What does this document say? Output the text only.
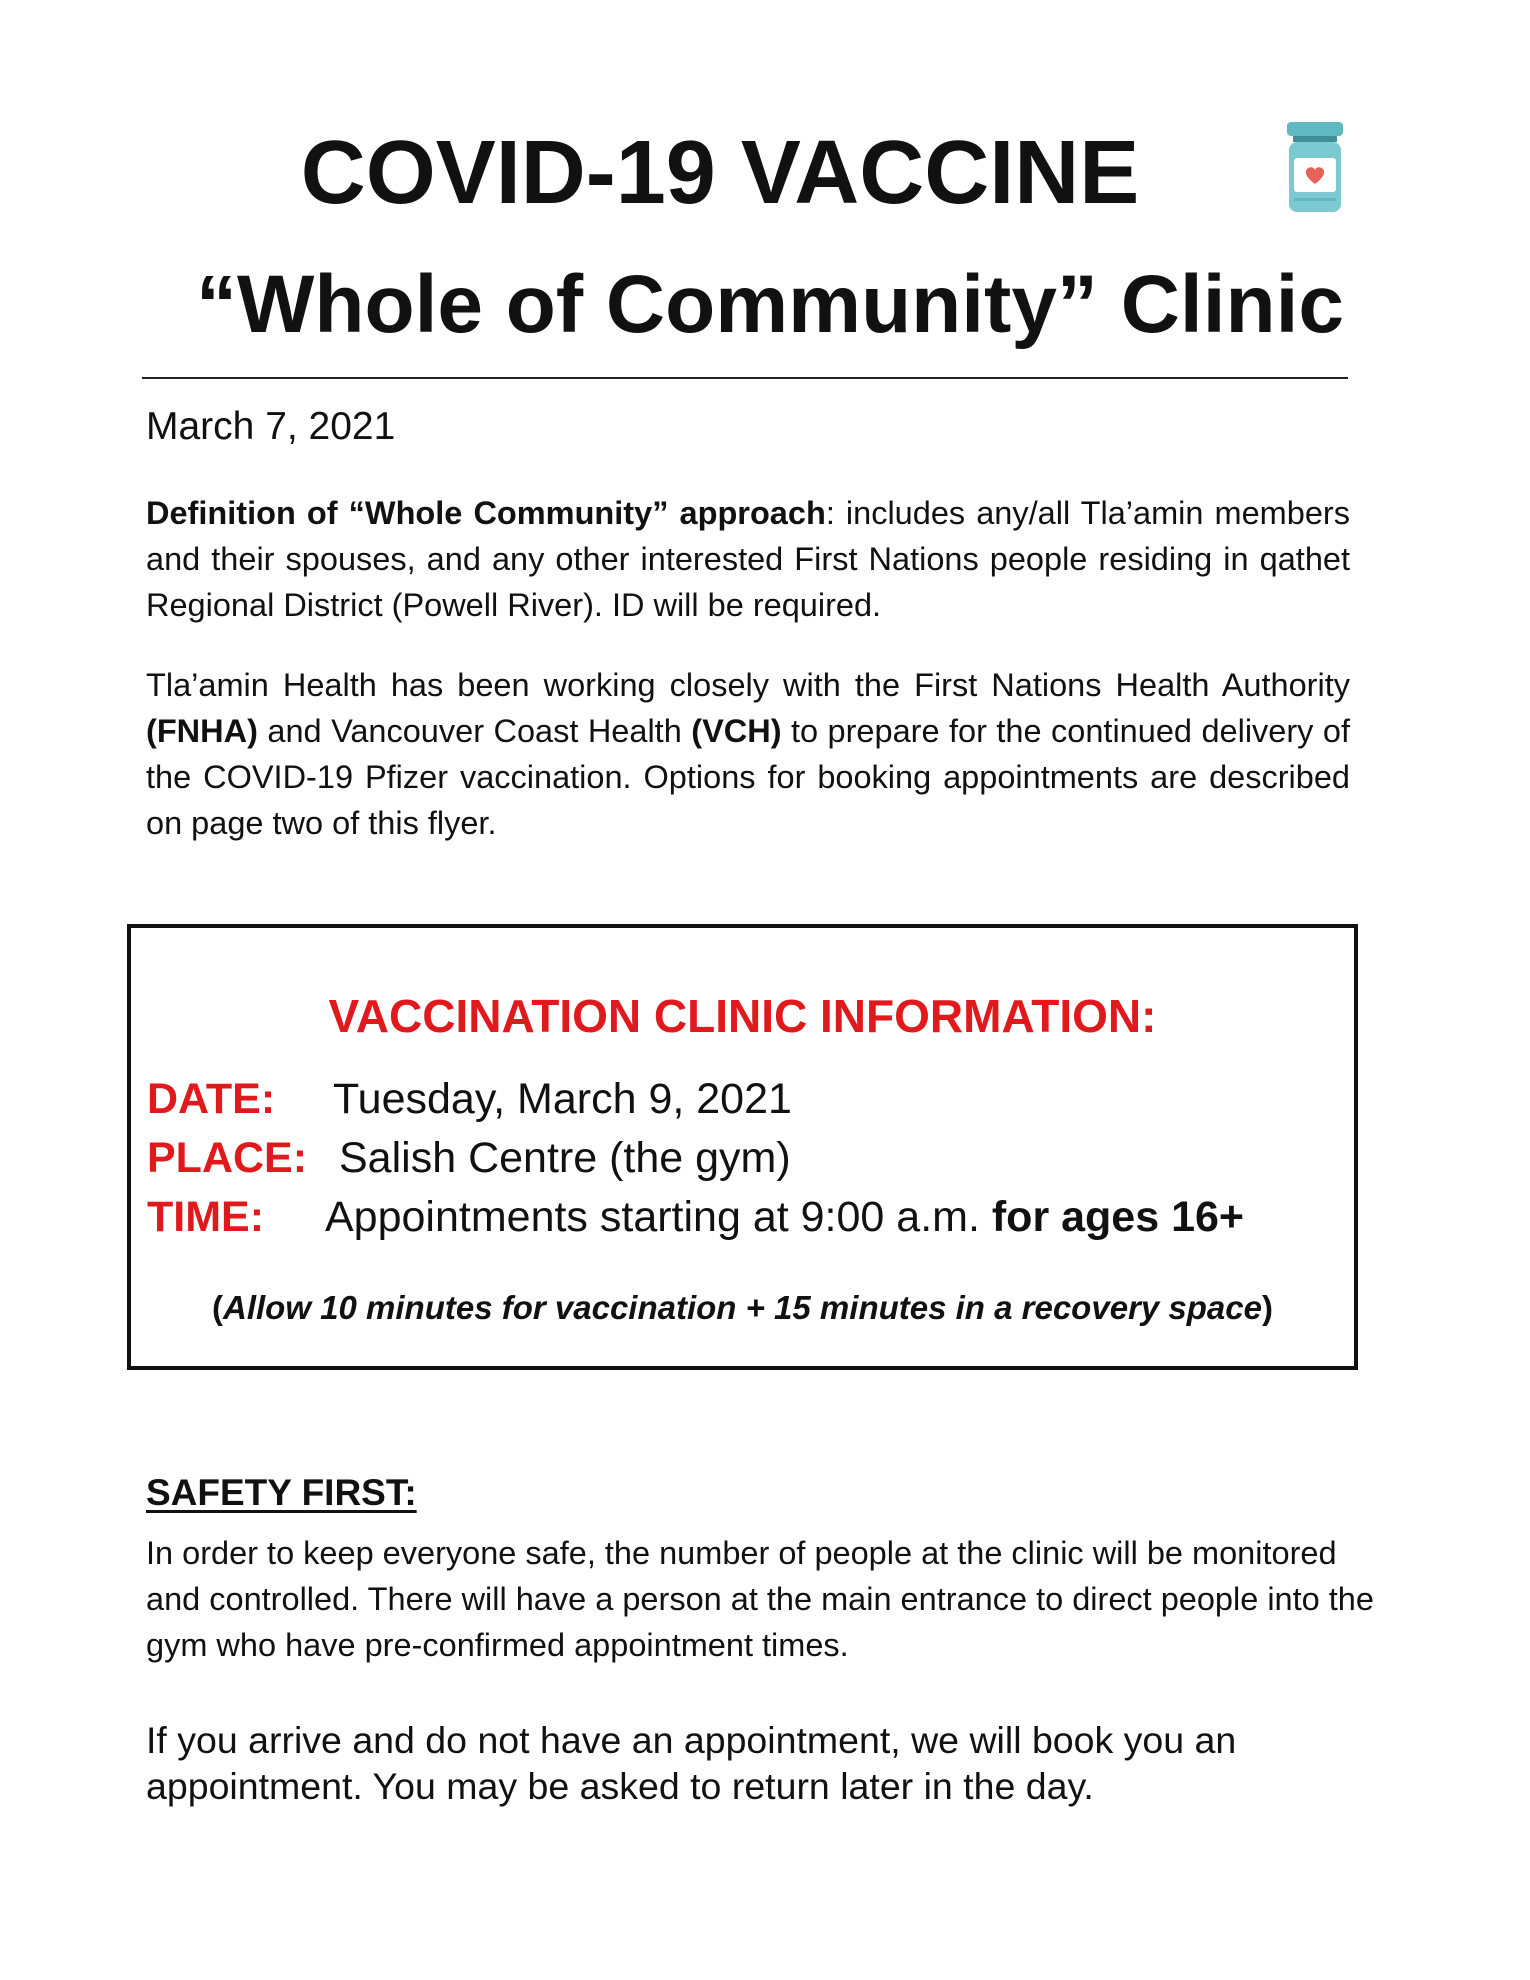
COVID-19 VACCINE
“Whole of Community” Clinic
March 7, 2021

Definition of “Whole Community” approach: includes any/all Tla’amin members and their spouses, and any other interested First Nations people residing in qathet Regional District (Powell River). ID will be required.

Tla’amin Health has been working closely with the First Nations Health Authority (FNHA) and Vancouver Coast Health (VCH) to prepare for the continued delivery of the COVID-19 Pfizer vaccination. Options for booking appointments are described on page two of this flyer.

VACCINATION CLINIC INFORMATION:
DATE: Tuesday, March 9, 2021
PLACE: Salish Centre (the gym)
TIME: Appointments starting at 9:00 a.m. for ages 16+
(Allow 10 minutes for vaccination + 15 minutes in a recovery space)
SAFETY FIRST:

In order to keep everyone safe, the number of people at the clinic will be monitored and controlled. There will have a person at the main entrance to direct people into the gym who have pre-confirmed appointment times.

If you arrive and do not have an appointment, we will book you an appointment. You may be asked to return later in the day.
